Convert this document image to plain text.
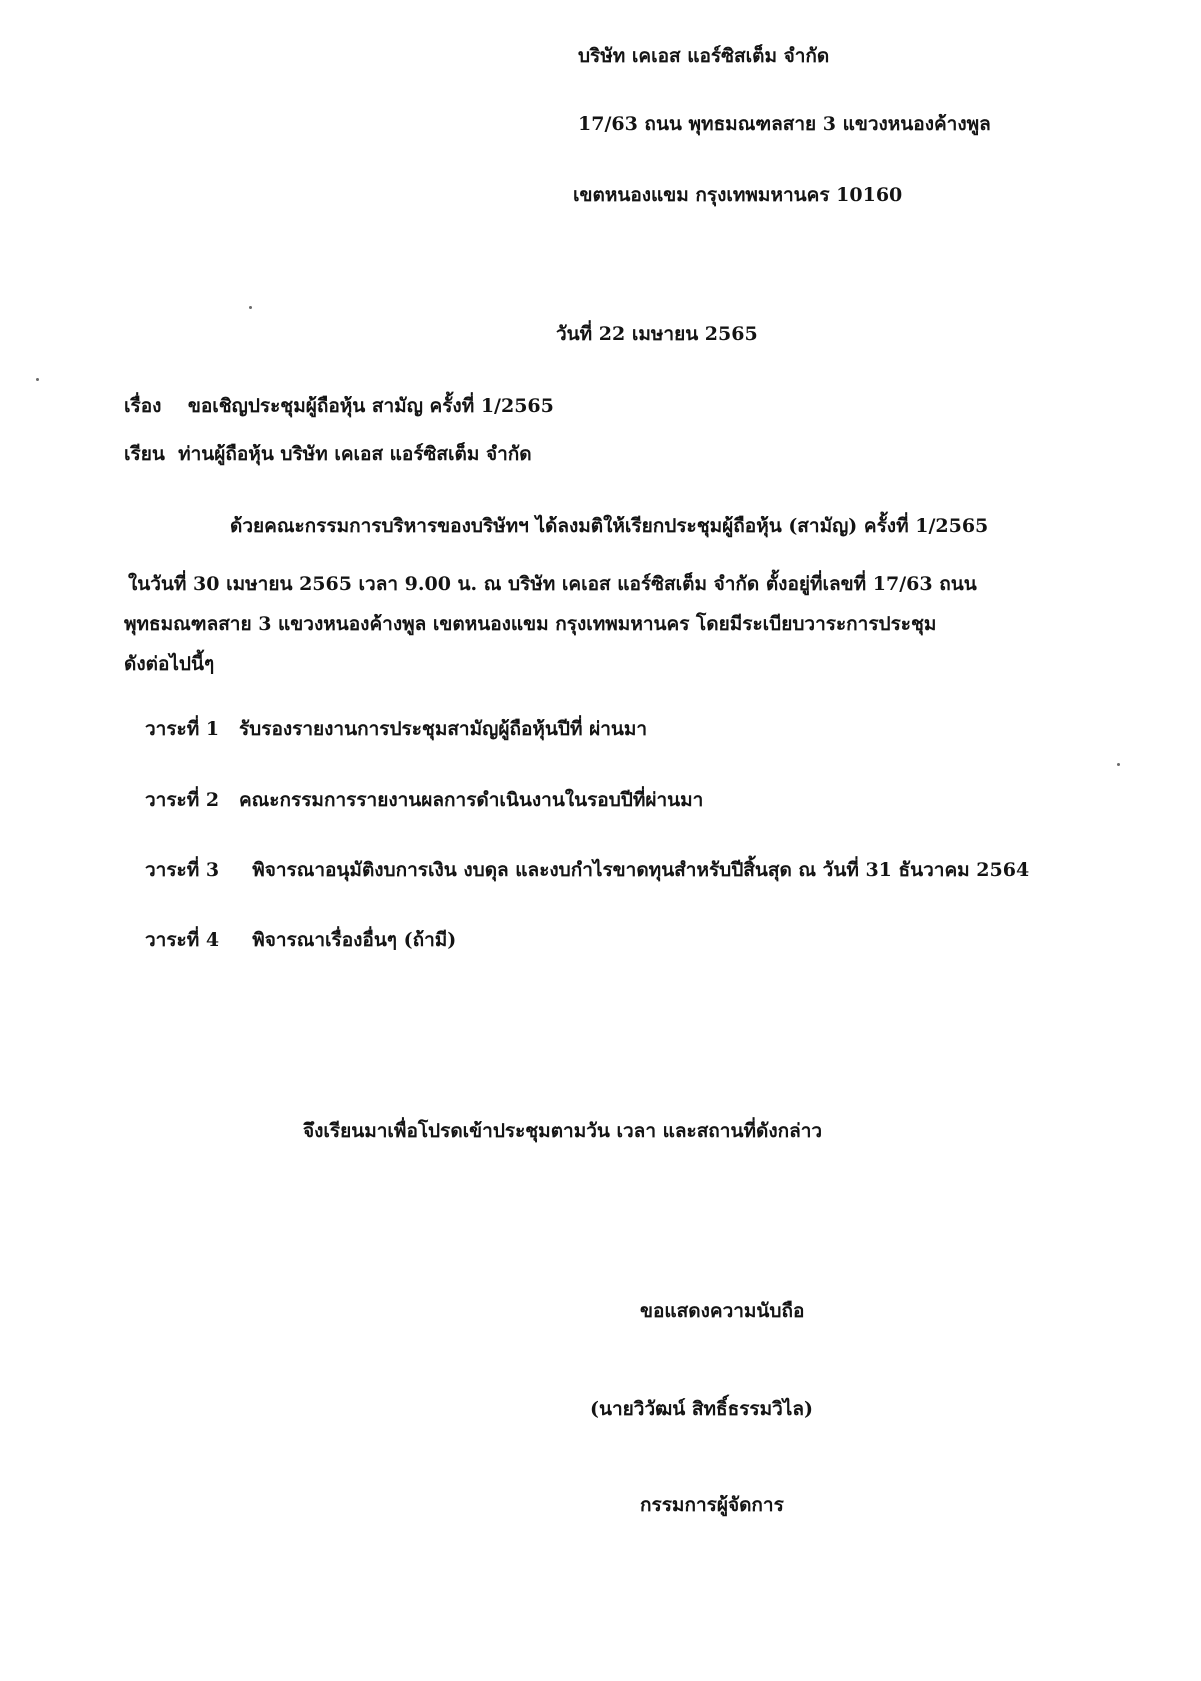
บริษัท เคเอส แอร์ซิสเต็ม จำกัด
17/63 ถนน พุทธมณฑลสาย 3 แขวงหนองค้างพูล
เขตหนองแขม กรุงเทพมหานคร 10160
วันที่ 22 เมษายน 2565
เรื่อง ขอเชิญประชุมผู้ถือหุ้น สามัญ ครั้งที่ 1/2565
เรียน ท่านผู้ถือหุ้น บริษัท เคเอส แอร์ซิสเต็ม จำกัด
ด้วยคณะกรรมการบริหารของบริษัทฯ ได้ลงมติให้เรียกประชุมผู้ถือหุ้น (สามัญ) ครั้งที่ 1/2565
ในวันที่ 30 เมษายน 2565 เวลา 9.00 น. ณ บริษัท เคเอส แอร์ซิสเต็ม จำกัด ตั้งอยู่ที่เลขที่ 17/63 ถนน
พุทธมณฑลสาย 3 แขวงหนองค้างพูล เขตหนองแขม กรุงเทพมหานคร โดยมีระเบียบวาระการประชุม
ดังต่อไปนี้ๆ
วาระที่ 1 รับรองรายงานการประชุมสามัญผู้ถือหุ้นปีที่ ผ่านมา
วาระที่ 2 คณะกรรมการรายงานผลการดำเนินงานในรอบปีที่ผ่านมา
วาระที่ 3 พิจารณาอนุมัติงบการเงิน งบดุล และงบกำไรขาดทุนสำหรับปีสิ้นสุด ณ วันที่ 31 ธันวาคม 2564
วาระที่ 4 พิจารณาเรื่องอื่นๆ (ถ้ามี)
จึงเรียนมาเพื่อโปรดเข้าประชุมตามวัน เวลา และสถานที่ดังกล่าว
ขอแสดงความนับถือ
(นายวิวัฒน์ สิทธิ์ธรรมวิไล)
กรรมการผู้จัดการ
